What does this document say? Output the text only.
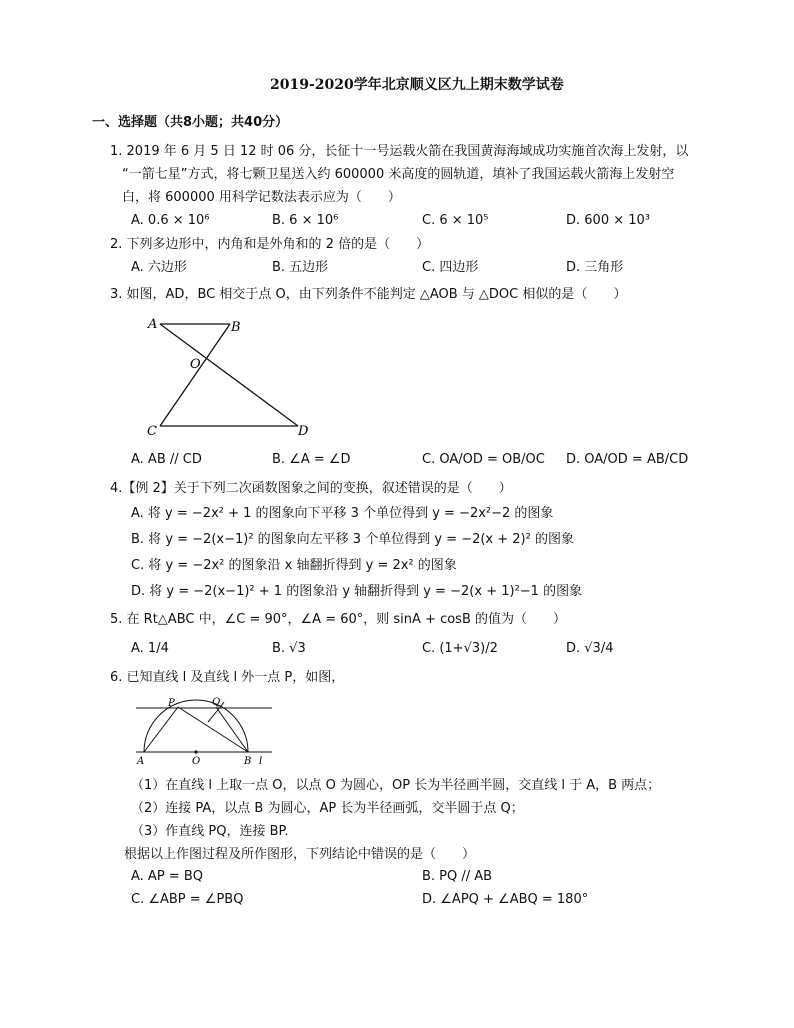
2019-2020学年北京顺义区九上期末数学试卷
一、选择题（共8小题；共40分）
1. 2019 年 6 月 5 日 12 时 06 分，长征十一号运载火箭在我国黄海海域成功实施首次海上发射，以
“一箭七星”方式，将七颗卫星送入约 600000 米高度的圆轨道，填补了我国运载火箭海上发射空
白，将 600000 用科学记数法表示应为（　　）
A. 0.6 × 10⁶	B. 6 × 10⁶	C. 6 × 10⁵	D. 600 × 10³
2. 下列多边形中，内角和是外角和的 2 倍的是（　　）
A. 六边形	B. 五边形	C. 四边形	D. 三角形
3. 如图，AD，BC 相交于点 O，由下列条件不能判定 △AOB 与 △DOC 相似的是（　　）
A	B
O
C	D
A. AB // CD	B. ∠A = ∠D	C. OA/OD = OB/OC D. OA/OD = AB/CD
4.【例 2】关于下列二次函数图象之间的变换，叙述错误的是（　　）
A. 将 y = −2x² + 1 的图象向下平移 3 个单位得到 y = −2x²−2 的图象
B. 将 y = −2(x−1)² 的图象向左平移 3 个单位得到 y = −2(x + 2)² 的图象
C. 将 y = −2x² 的图象沿 x 轴翻折得到 y = 2x² 的图象
D. 将 y = −2(x−1)² + 1 的图象沿 y 轴翻折得到 y = −2(x + 1)²−1 的图象
5. 在 Rt△ABC 中，∠C = 90°，∠A = 60°，则 sinA + cosB 的值为（　　）
A. 1/4	B. √3	C. (1+√3)/2	D. √3/4
6. 已知直线 l 及直线 l 外一点 P，如图，
P	Q
A	O	B l
（1）在直线 l 上取一点 O，以点 O 为圆心，OP 长为半径画半圆，交直线 l 于 A，B 两点；
（2）连接 PA，以点 B 为圆心，AP 长为半径画弧，交半圆于点 Q；
（3）作直线 PQ，连接 BP.
根据以上作图过程及所作图形，下列结论中错误的是（　　）
A. AP = BQ	B. PQ // AB
C. ∠ABP = ∠PBQ	D. ∠APQ + ∠ABQ = 180°
